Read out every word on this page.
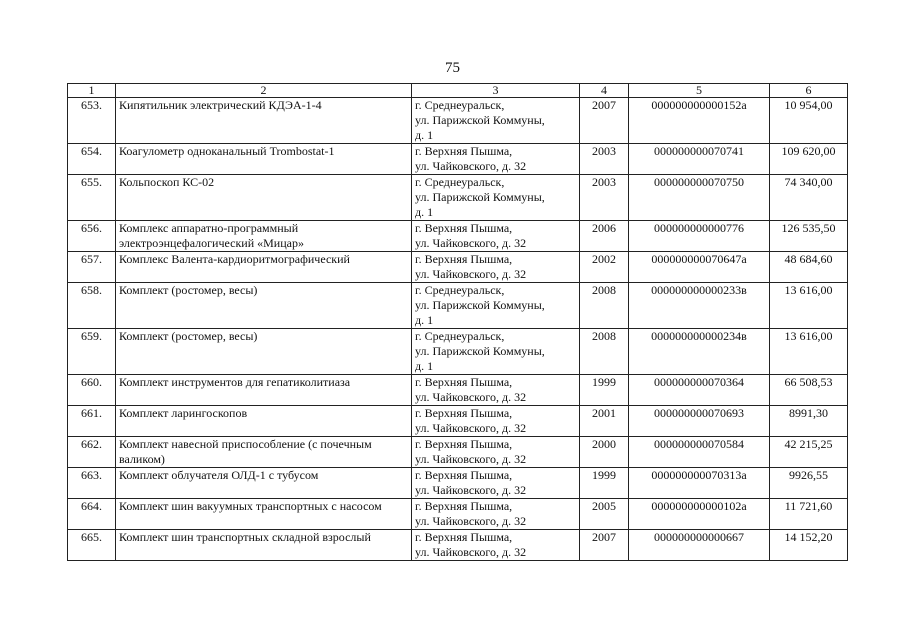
75
1	2	3	4	5	6
653.	Кипятильник электрический КДЭА-1-4	г. Среднеуральск,
ул. Парижской Коммуны,
д. 1	2007	000000000000152а	10 954,00
654.	Коагулометр одноканальный Trombostat-1	г. Верхняя Пышма,
ул. Чайковского, д. 32	2003	000000000070741	109 620,00
655.	Кольпоскоп КС-02	г. Среднеуральск,
ул. Парижской Коммуны,
д. 1	2003	000000000070750	74 340,00
656.	Комплекс аппаратно-программный электроэнцефалогический «Мицар»	г. Верхняя Пышма,
ул. Чайковского, д. 32	2006	000000000000776	126 535,50
657.	Комплекс Валента-кардиоритмографический	г. Верхняя Пышма,
ул. Чайковского, д. 32	2002	000000000070647а	48 684,60
658.	Комплект (ростомер, весы)	г. Среднеуральск,
ул. Парижской Коммуны,
д. 1	2008	000000000000233в	13 616,00
659.	Комплект (ростомер, весы)	г. Среднеуральск,
ул. Парижской Коммуны,
д. 1	2008	000000000000234в	13 616,00
660.	Комплект инструментов для гепатиколитиаза	г. Верхняя Пышма,
ул. Чайковского, д. 32	1999	000000000070364	66 508,53
661.	Комплект ларингоскопов	г. Верхняя Пышма,
ул. Чайковского, д. 32	2001	000000000070693	8991,30
662.	Комплект навесной приспособление (с почечным валиком)	г. Верхняя Пышма,
ул. Чайковского, д. 32	2000	000000000070584	42 215,25
663.	Комплект облучателя ОЛД-1 с тубусом	г. Верхняя Пышма,
ул. Чайковского, д. 32	1999	000000000070313а	9926,55
664.	Комплект шин вакуумных транспортных с насосом	г. Верхняя Пышма,
ул. Чайковского, д. 32	2005	000000000000102а	11 721,60
665.	Комплект шин транспортных складной взрослый	г. Верхняя Пышма,
ул. Чайковского, д. 32	2007	000000000000667	14 152,20
